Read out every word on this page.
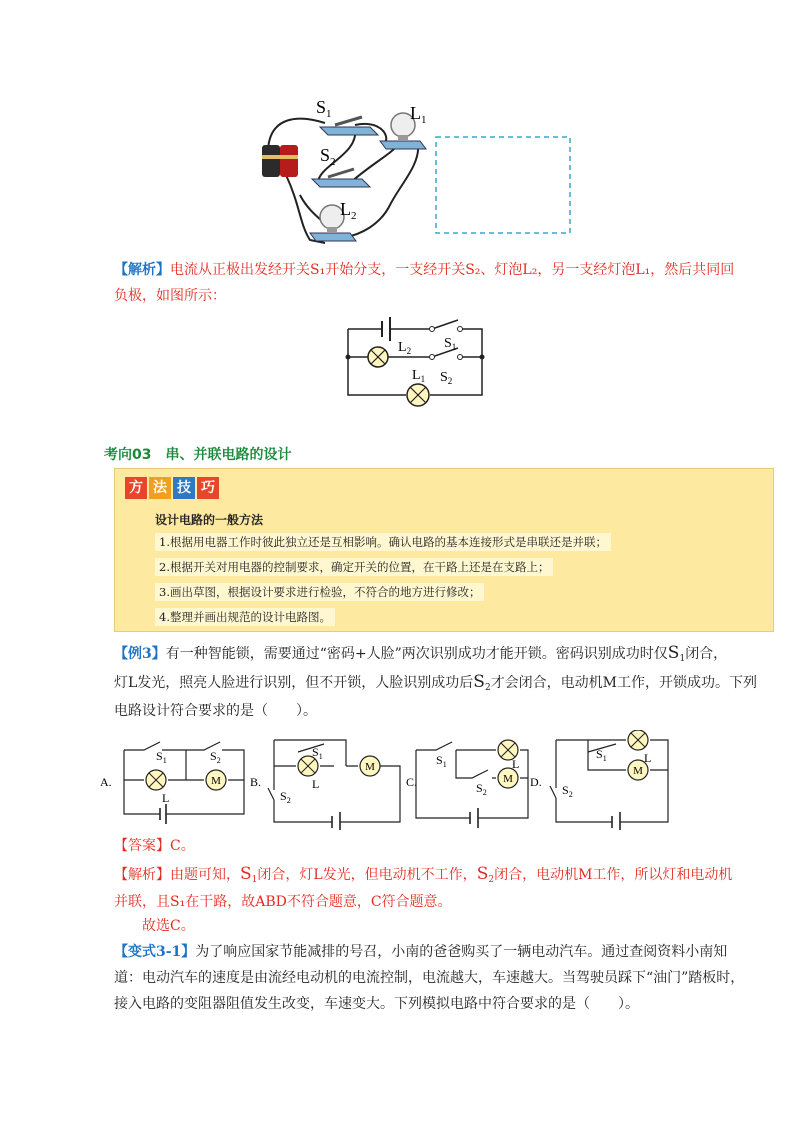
$S_1$
$S_2$
$L_1$
$L_2$
【解析】电流从正极出发经开关S₁开始分支，一支经开关S₂、灯泡L₂，另一支经灯泡L₁，然后共同回
负极，如图所示：
$S_1$
$L_2$
$L_1$ $S_2$
考向03　串、并联电路的设计
方 法 技 巧
设计电路的一般方法
1.根据用电器工作时彼此独立还是互相影响。确认电路的基本连接形式是串联还是并联；
2.根据开关对用电器的控制要求，确定开关的位置，在干路上还是在支路上；
3.画出草图，根据设计要求进行检验，不符合的地方进行修改；
4.整理并画出规范的设计电路图。
【例3】有一种智能锁，需要通过“密码+人脸”两次识别成功才能开锁。密码识别成功时仅$S_1$闭合，
灯L发光，照亮人脸进行识别，但不开锁，人脸识别成功后$S_2$才会闭合，电动机M工作，开锁成功。下列
电路设计符合要求的是（　　）。
A.	B.	C.	D.
M
M
M
M
$S_1$	$S_2$
L
$S_1$
L
$S_2$
$S_1$	L
$S_2$
$S_1$	L
$S_2$
【答案】C。
【解析】由题可知，$S_1$闭合，灯L发光，但电动机不工作，$S_2$闭合，电动机M工作，所以灯和电动机
并联，且S₁在干路，故ABD不符合题意，C符合题意。
故选C。
【变式3-1】为了响应国家节能减排的号召，小南的爸爸购买了一辆电动汽车。通过查阅资料小南知
道：电动汽车的速度是由流经电动机的电流控制，电流越大，车速越大。当驾驶员踩下“油门”踏板时，
接入电路的变阻器阻值发生改变，车速变大。下列模拟电路中符合要求的是（　　）。
